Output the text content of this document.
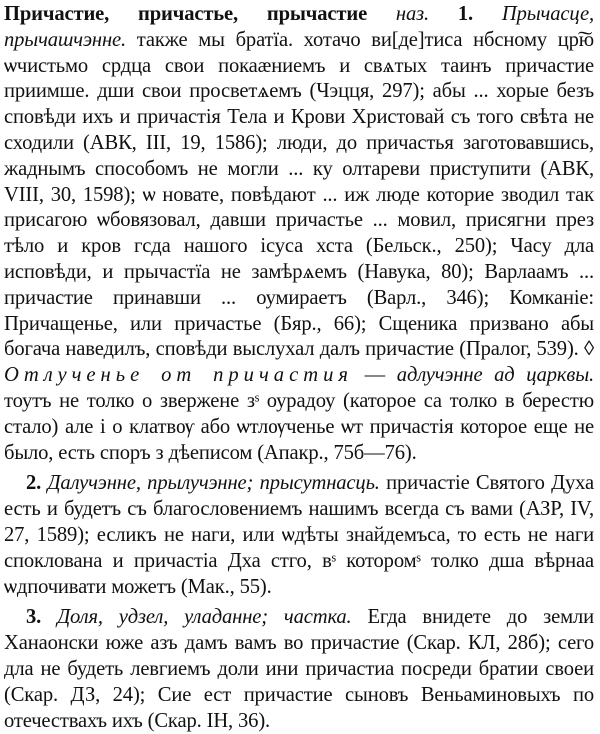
Причастие, причастье, прычастие наз. 1. Прычасце, прычашчэнне. также мы братїа. хотачо ви[де]тиса нбсному цр͠ю ѡчистьмо срдца свои покаӕниемъ и свѧтых таинъ причастие приимше. дши свои просветѧемъ (Чэцця, 297); абы ... хорые безъ сповѣди ихъ и причастія Тела и Крови Христовай съ того свѣта не сходили (АВК, III, 19, 1586); люди, до причастья заготовавшись, жаднымъ способомъ не могли ... ку олтареви приступити (АВК, VIII, 30, 1598); ѡ новате, повѣдают ... иж люде которие зводил так присагою ѡбовязовал, давши причастье ... мовил, присягни през тѣло и кров гсда нашого ісуса хста (Бельск., 250); Часу дла исповѣди, и прычастїа не замѣрѧемъ (Навука, 80); Варлаамъ ... причастие принавши ... оумираетъ (Варл., 346); Комканіе: Причащенье, или причастье (Бяр., 66); Сщеника призвано абы богача наведилъ, сповѣди выслухал далъ причастие (Пралог, 539). ◊ Отлученье от причастия — адлучэнне ад царквы. тоутъ не толко о звержене зˢ оурадоу (каторое са толко в берестю стало) але і о клатвѹ або ѡтлѹченье ѡт причастія которое еще не было, есть споръ з дѣеписом (Апакр., 75б—76).

2. Далучэнне, прылучэнне; прысутнасць. причастіе Святого Духа есть и будетъ съ благословениемъ нашимъ всегда съ вами (АЗР, IV, 27, 1589); есликъ не наги, или ѡдѣты знайдемъса, то есть не наги споклована и причастіа Дха стго, вˢ которомˢ толко дша вѣрнаа ѡдпочивати можетъ (Мак., 55).

3. Доля, удзел, уладанне; частка. Егда внидете до земли Ханаонски юже азъ дамъ вамъ во причастие (Скар. КЛ, 28б); сего дла не будеть левгиемъ доли ини причастиа посреди братии своеи (Скар. ДЗ, 24); Сие ест причастие сыновъ Веньаминовыхъ по отечествахъ ихъ (Скар. ІН, 36).
